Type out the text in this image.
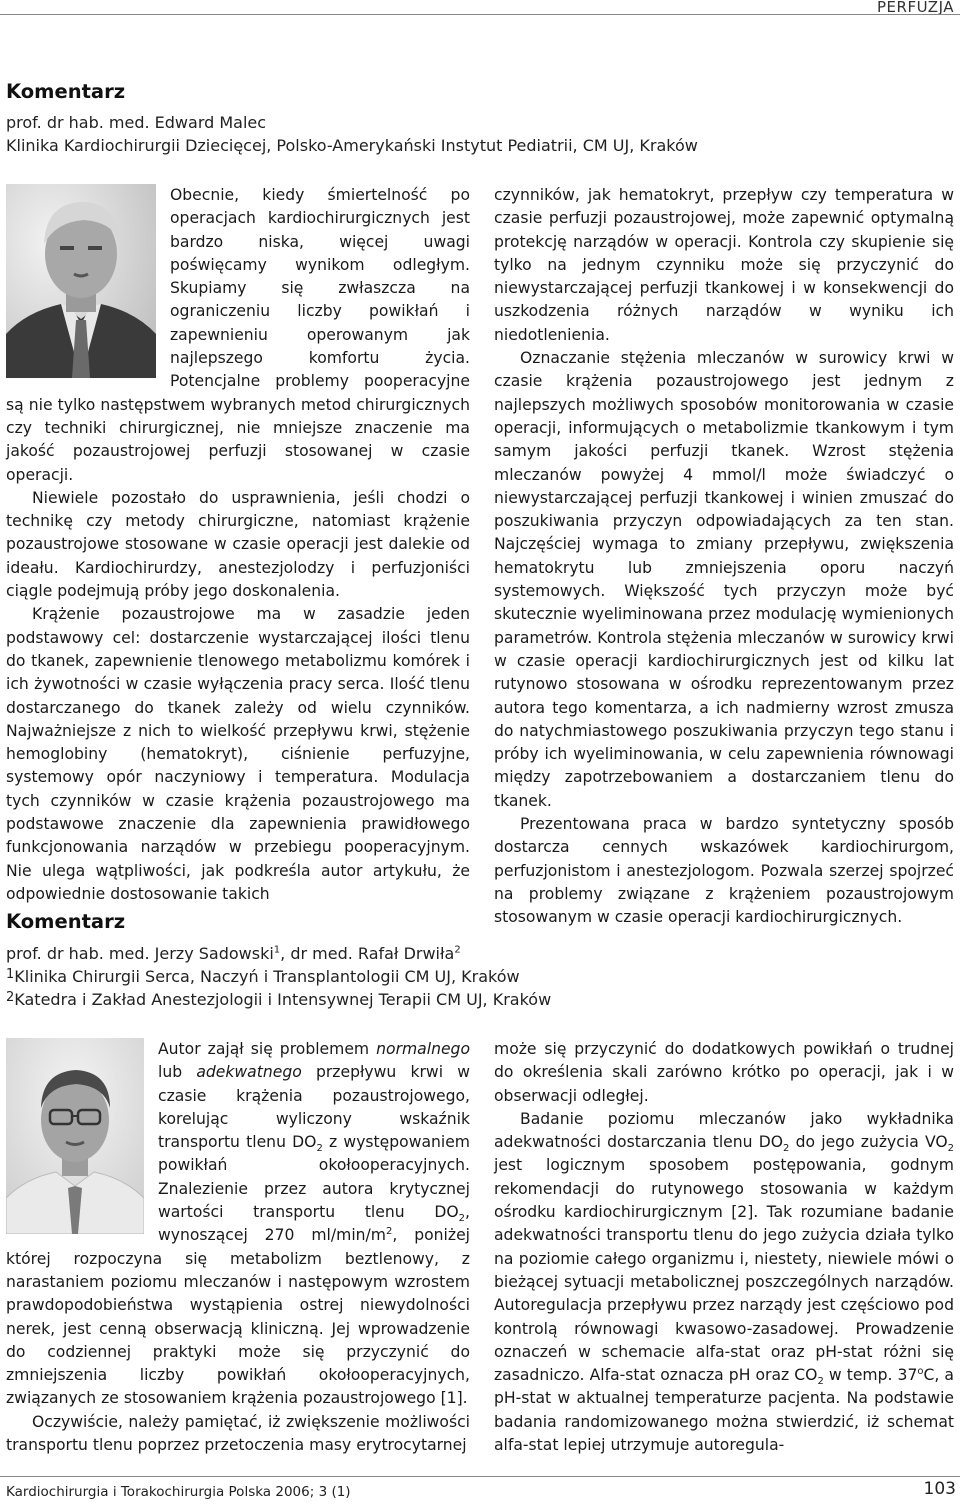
PERFUZJA
Komentarz
prof. dr hab. med. Edward Malec
Klinika Kardiochirurgii Dziecięcej, Polsko-Amerykański Instytut Pediatrii, CM UJ, Kraków

Obecnie, kiedy śmiertelność po operacjach kardiochirurgicznych jest bardzo niska, więcej uwagi poświęcamy wynikom odległym. Skupiamy się zwłaszcza na ograniczeniu liczby powikłań i zapewnieniu operowanym jak najlepszego komfortu życia. Potencjalne problemy pooperacyjne są nie tylko następstwem wybranych metod chirurgicznych czy techniki chirurgicznej, nie mniejsze znaczenie ma jakość pozaustrojowej perfuzji stosowanej w czasie operacji.

Niewiele pozostało do usprawnienia, jeśli chodzi o technikę czy metody chirurgiczne, natomiast krążenie pozaustrojowe stosowane w czasie operacji jest dalekie od ideału. Kardiochirurdzy, anestezjolodzy i perfuzjoniści ciągle podejmują próby jego doskonalenia.

Krążenie pozaustrojowe ma w zasadzie jeden podstawowy cel: dostarczenie wystarczającej ilości tlenu do tkanek, zapewnienie tlenowego metabolizmu komórek i ich żywotności w czasie wyłączenia pracy serca. Ilość tlenu dostarczanego do tkanek zależy od wielu czynników. Najważniejsze z nich to wielkość przepływu krwi, stężenie hemoglobiny (hematokryt), ciśnienie perfuzyjne, systemowy opór naczyniowy i temperatura. Modulacja tych czynników w czasie krążenia pozaustrojowego ma podstawowe znaczenie dla zapewnienia prawidłowego funkcjonowania narządów w przebiegu pooperacyjnym. Nie ulega wątpliwości, jak podkreśla autor artykułu, że odpowiednie dostosowanie takich

czynników, jak hematokryt, przepływ czy temperatura w czasie perfuzji pozaustrojowej, może zapewnić optymalną protekcję narządów w operacji. Kontrola czy skupienie się tylko na jednym czynniku może się przyczynić do niewystarczającej perfuzji tkankowej i w konsekwencji do uszkodzenia różnych narządów w wyniku ich niedotlenienia.

Oznaczanie stężenia mleczanów w surowicy krwi w czasie krążenia pozaustrojowego jest jednym z najlepszych możliwych sposobów monitorowania w czasie operacji, informujących o metabolizmie tkankowym i tym samym jakości perfuzji tkanek. Wzrost stężenia mleczanów powyżej 4 mmol/l może świadczyć o niewystarczającej perfuzji tkankowej i winien zmuszać do poszukiwania przyczyn odpowiadających za ten stan. Najczęściej wymaga to zmiany przepływu, zwiększenia hematokrytu lub zmniejszenia oporu naczyń systemowych. Większość tych przyczyn może być skutecznie wyeliminowana przez modulację wymienionych parametrów. Kontrola stężenia mleczanów w surowicy krwi w czasie operacji kardiochirurgicznych jest od kilku lat rutynowo stosowana w ośrodku reprezentowanym przez autora tego komentarza, a ich nadmierny wzrost zmusza do natychmiastowego poszukiwania przyczyn tego stanu i próby ich wyeliminowania, w celu zapewnienia równowagi między zapotrzebowaniem a dostarczaniem tlenu do tkanek.

Prezentowana praca w bardzo syntetyczny sposób dostarcza cennych wskazówek kardiochirurgom, perfuzjonistom i anestezjologom. Pozwala szerzej spojrzeć na problemy związane z krążeniem pozaustrojowym stosowanym w czasie operacji kardiochirurgicznych.

Komentarz
prof. dr hab. med. Jerzy Sadowski$^1$, dr med. Rafał Drwiła$^2$
$^1$Klinika Chirurgii Serca, Naczyń i Transplantologii CM UJ, Kraków
$^2$Katedra i Zakład Anestezjologii i Intensywnej Terapii CM UJ, Kraków

Autor zajął się problemem normalnego lub adekwatnego przepływu krwi w czasie krążenia pozaustrojowego, korelując wyliczony wskaźnik transportu tlenu $DO_2$ z występowaniem powikłań okołooperacyjnych. Znalezienie przez autora krytycznej wartości transportu tlenu $DO_2$, wynoszącej 270 $ml/\min/m^2$, poniżej której rozpoczyna się metabolizm beztlenowy, z narastaniem poziomu mleczanów i następowym wzrostem prawdopodobieństwa wystąpienia ostrej niewydolności nerek, jest cenną obserwacją kliniczną. Jej wprowadzenie do codziennej praktyki może się przyczynić do zmniejszenia liczby powikłań okołooperacyjnych, związanych ze stosowaniem krążenia pozaustrojowego [1].

Oczywiście, należy pamiętać, iż zwiększenie możliwości transportu tlenu poprzez przetoczenia masy erytrocytarnej

może się przyczynić do dodatkowych powikłań o trudnej do określenia skali zarówno krótko po operacji, jak i w obserwacji odległej.

Badanie poziomu mleczanów jako wykładnika adekwatności dostarczania tlenu $DO_2$ do jego zużycia $VO_2$ jest logicznym sposobem postępowania, godnym rekomendacji do rutynowego stosowania w każdym ośrodku kardiochirurgicznym [2]. Tak rozumiane badanie adekwatności transportu tlenu do jego zużycia działa tylko na poziomie całego organizmu i, niestety, niewiele mówi o bieżącej sytuacji metabolicznej poszczególnych narządów. Autoregulacja przepływu przez narządy jest częściowo pod kontrolą równowagi kwasowo-zasadowej. Prowadzenie oznaczeń w schemacie alfa-stat oraz pH-stat różni się zasadniczo. Alfa-stat oznacza pH oraz $CO_2$ w temp. 37$^o$C, a pH-stat w aktualnej temperaturze pacjenta. Na podstawie badania randomizowanego można stwierdzić, iż schemat alfa-stat lepiej utrzymuje autoregula-

Kardiochirurgia i Torakochirurgia Polska 2006; 3 (1)	103
